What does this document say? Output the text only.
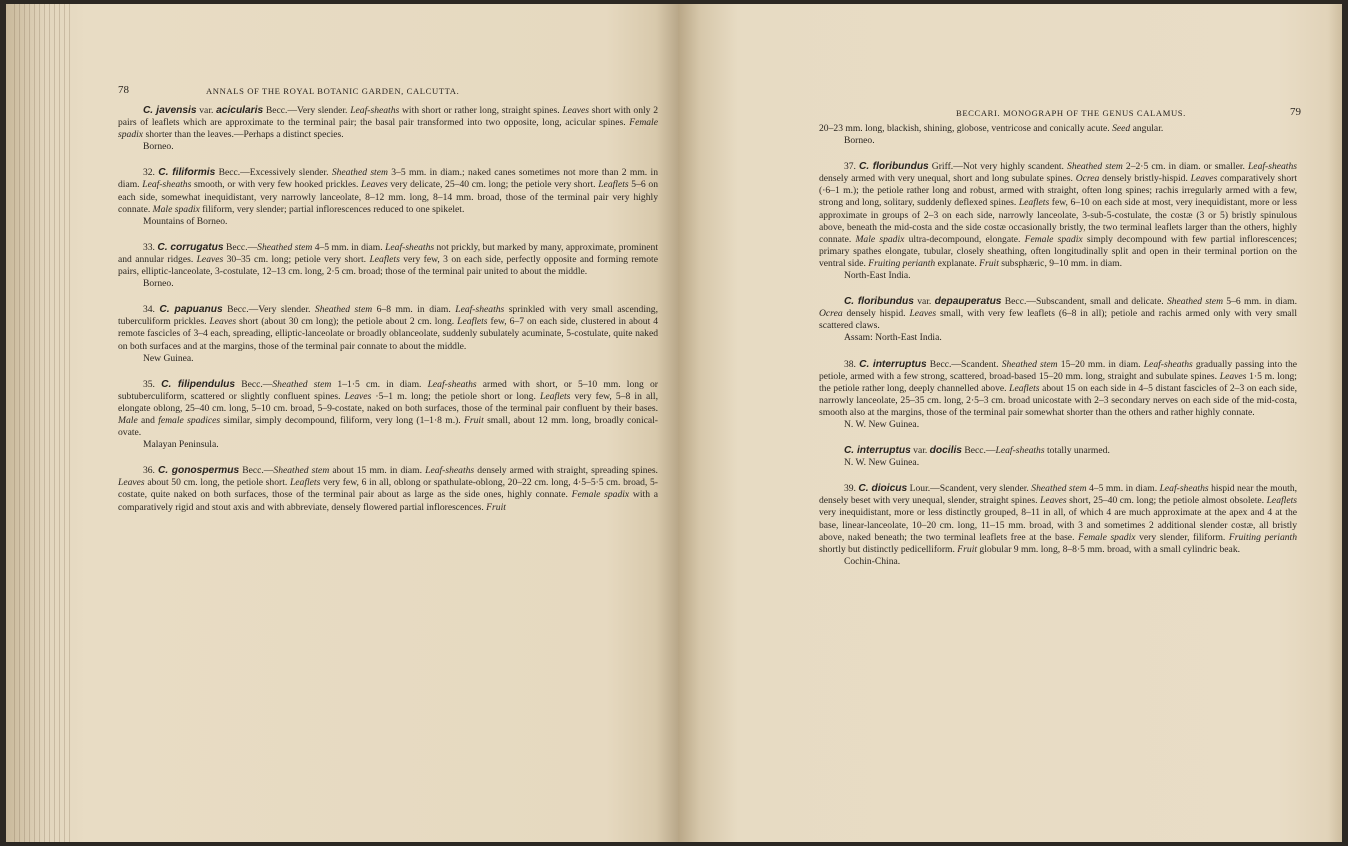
78	ANNALS OF THE ROYAL BOTANIC GARDEN, CALCUTTA.

C. javensis var. acicularis Becc.—Very slender. Leaf-sheaths with short or rather long, straight spines. Leaves short with only 2 pairs of leaflets which are approximate to the terminal pair; the basal pair transformed into two opposite, long, acicular spines. Female spadix shorter than the leaves.—Perhaps a distinct species.

Borneo.

32. C. filiformis Becc.—Excessively slender. Sheathed stem 3–5 mm. in diam.; naked canes sometimes not more than 2 mm. in diam. Leaf-sheaths smooth, or with very few hooked prickles. Leaves very delicate, 25–40 cm. long; the petiole very short. Leaflets 5–6 on each side, somewhat inequidistant, very narrowly lanceolate, 8–12 mm. long, 8–14 mm. broad, those of the terminal pair very highly connate. Male spadix filiform, very slender; partial inflorescences reduced to one spikelet.

Mountains of Borneo.

33. C. corrugatus Becc.—Sheathed stem 4–5 mm. in diam. Leaf-sheaths not prickly, but marked by many, approximate, prominent and annular ridges. Leaves 30–35 cm. long; petiole very short. Leaflets very few, 3 on each side, perfectly opposite and forming remote pairs, elliptic-lanceolate, 3-costulate, 12–13 cm. long, 2·5 cm. broad; those of the terminal pair united to about the middle.

Borneo.

34. C. papuanus Becc.—Very slender. Sheathed stem 6–8 mm. in diam. Leaf-sheaths sprinkled with very small ascending, tuberculiform prickles. Leaves short (about 30 cm long); the petiole about 2 cm. long. Leaflets few, 6–7 on each side, clustered in about 4 remote fascicles of 3–4 each, spreading, elliptic-lanceolate or broadly oblanceolate, suddenly subulately acuminate, 5-costulate, quite naked on both surfaces and at the margins, those of the terminal pair connate to about the middle.

New Guinea.

35. C. filipendulus Becc.—Sheathed stem 1–1·5 cm. in diam. Leaf-sheaths armed with short, or 5–10 mm. long or subtuberculiform, scattered or slightly confluent spines. Leaves ·5–1 m. long; the petiole short or long. Leaflets very few, 5–8 in all, elongate oblong, 25–40 cm. long, 5–10 cm. broad, 5–9-costate, naked on both surfaces, those of the terminal pair confluent by their bases. Male and female spadices similar, simply decompound, filiform, very long (1–1·8 m.). Fruit small, about 12 mm. long, broadly conical-ovate.

Malayan Peninsula.

36. C. gonospermus Becc.—Sheathed stem about 15 mm. in diam. Leaf-sheaths densely armed with straight, spreading spines. Leaves about 50 cm. long, the petiole short. Leaflets very few, 6 in all, oblong or spathulate-oblong, 20–22 cm. long, 4·5–5·5 cm. broad, 5-costate, quite naked on both surfaces, those of the terminal pair about as large as the side ones, highly connate. Female spadix with a comparatively rigid and stout axis and with abbreviate, densely flowered partial inflorescences. Fruit

BECCARI. MONOGRAPH OF THE GENUS CALAMUS.	79

20–23 mm. long, blackish, shining, globose, ventricose and conically acute. Seed angular.

Borneo.

37. C. floribundus Griff.—Not very highly scandent. Sheathed stem 2–2·5 cm. in diam. or smaller. Leaf-sheaths densely armed with very unequal, short and long subulate spines. Ocrea densely bristly-hispid. Leaves comparatively short (·6–1 m.); the petiole rather long and robust, armed with straight, often long spines; rachis irregularly armed with a few, strong and long, solitary, suddenly deflexed spines. Leaflets few, 6–10 on each side at most, very inequidistant, more or less approximate in groups of 2–3 on each side, narrowly lanceolate, 3-sub-5-costulate, the costæ (3 or 5) bristly spinulous above, beneath the mid-costa and the side costæ occasionally bristly, the two terminal leaflets larger than the others, highly connate. Male spadix ultra-decompound, elongate. Female spadix simply decompound with few partial inflorescences; primary spathes elongate, tubular, closely sheathing, often longitudinally split and open in their terminal portion on the ventral side. Fruiting perianth explanate. Fruit subsphæric, 9–10 mm. in diam.

North-East India.

C. floribundus var. depauperatus Becc.—Subscandent, small and delicate. Sheathed stem 5–6 mm. in diam. Ocrea densely hispid. Leaves small, with very few leaflets (6–8 in all); petiole and rachis armed only with very small scattered claws.

Assam: North-East India.

38. C. interruptus Becc.—Scandent. Sheathed stem 15–20 mm. in diam. Leaf-sheaths gradually passing into the petiole, armed with a few strong, scattered, broad-based 15–20 mm. long, straight and subulate spines. Leaves 1·5 m. long; the petiole rather long, deeply channelled above. Leaflets about 15 on each side in 4–5 distant fascicles of 2–3 on each side, narrowly lanceolate, 25–35 cm. long, 2·5–3 cm. broad unicostate with 2–3 secondary nerves on each side of the mid-costa, smooth also at the margins, those of the terminal pair somewhat shorter than the others and rather highly connate.

N. W. New Guinea.

C. interruptus var. docilis Becc.—Leaf-sheaths totally unarmed.

N. W. New Guinea.

39. C. dioicus Lour.—Scandent, very slender. Sheathed stem 4–5 mm. in diam. Leaf-sheaths hispid near the mouth, densely beset with very unequal, slender, straight spines. Leaves short, 25–40 cm. long; the petiole almost obsolete. Leaflets very inequidistant, more or less distinctly grouped, 8–11 in all, of which 4 are much approximate at the apex and 4 at the base, linear-lanceolate, 10–20 cm. long, 11–15 mm. broad, with 3 and sometimes 2 additional slender costæ, all bristly above, naked beneath; the two terminal leaflets free at the base. Female spadix very slender, filiform. Fruiting perianth shortly but distinctly pedicelliform. Fruit globular 9 mm. long, 8–8·5 mm. broad, with a small cylindric beak.

Cochin-China.
